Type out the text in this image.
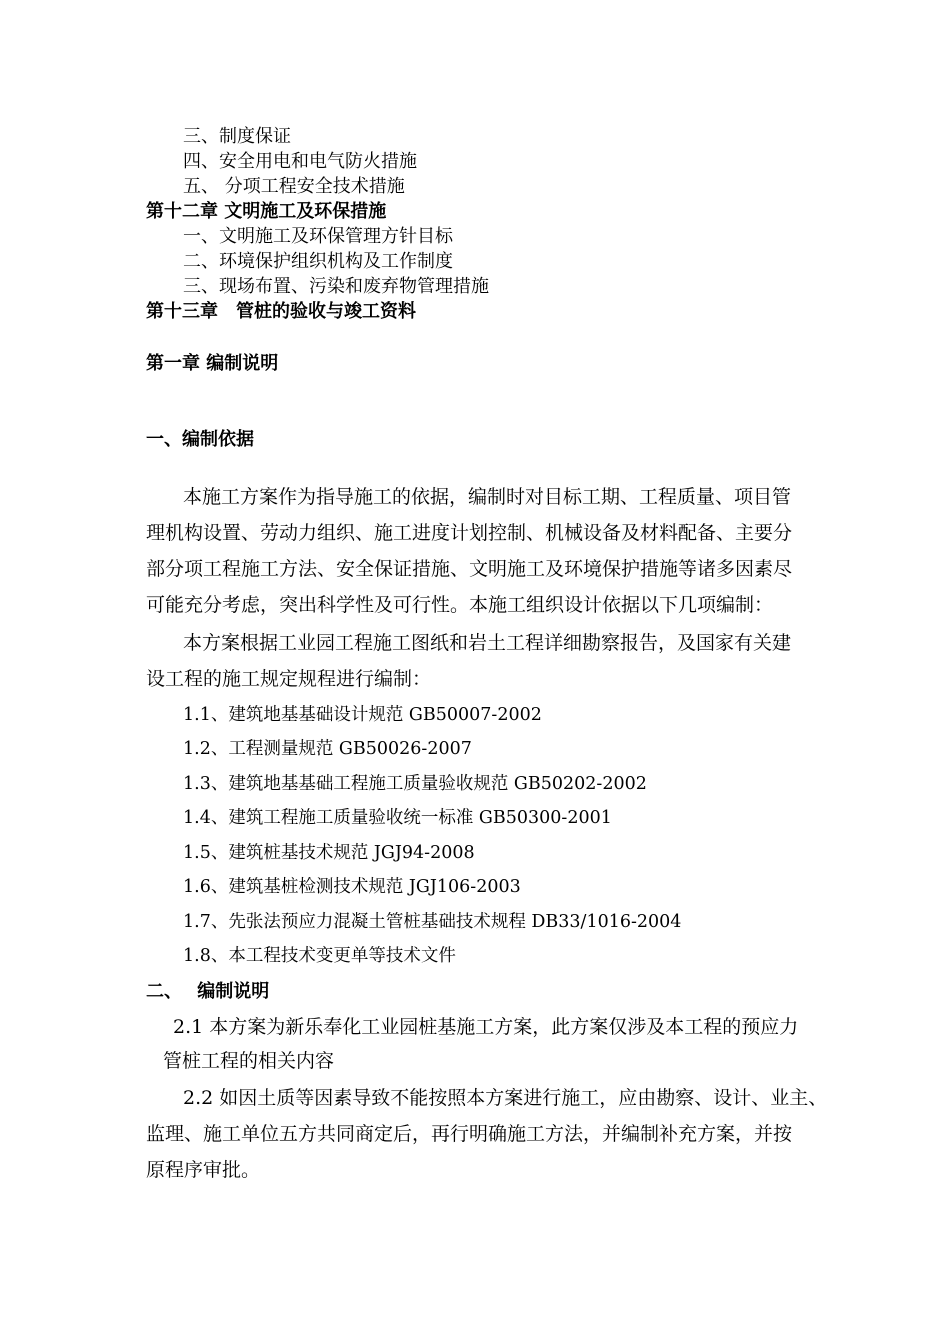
三、制度保证
四、安全用电和电气防火措施
五、 分项工程安全技术措施
第十二章 文明施工及环保措施
一、文明施工及环保管理方针目标
二、环境保护组织机构及工作制度
三、现场布置、污染和废弃物管理措施
第十三章　管桩的验收与竣工资料
第一章 编制说明
一、编制依据
本施工方案作为指导施工的依据，编制时对目标工期、工程质量、项目管
理机构设置、劳动力组织、施工进度计划控制、机械设备及材料配备、主要分
部分项工程施工方法、安全保证措施、文明施工及环境保护措施等诸多因素尽
可能充分考虑，突出科学性及可行性。本施工组织设计依据以下几项编制：
本方案根据工业园工程施工图纸和岩土工程详细勘察报告，及国家有关建
设工程的施工规定规程进行编制：
1.1、建筑地基基础设计规范 GB50007-2002
1.2、工程测量规范 GB50026-2007
1.3、建筑地基基础工程施工质量验收规范 GB50202-2002
1.4、建筑工程施工质量验收统一标准 GB50300-2001
1.5、建筑桩基技术规范 JGJ94-2008
1.6、建筑基桩检测技术规范 JGJ106-2003
1.7、先张法预应力混凝土管桩基础技术规程 DB33/1016-2004
1.8、本工程技术变更单等技术文件
二、　 编制说明
2.1 本方案为新乐奉化工业园桩基施工方案，此方案仅涉及本工程的预应力
管桩工程的相关内容
2.2 如因土质等因素导致不能按照本方案进行施工，应由勘察、设计、业主、
监理、施工单位五方共同商定后，再行明确施工方法，并编制补充方案，并按
原程序审批。
